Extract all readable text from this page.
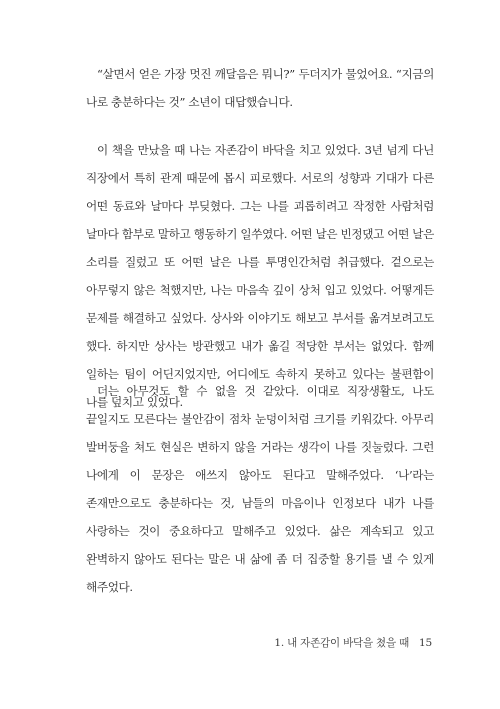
“살면서 얻은 가장 멋진 깨달음은 뭐니?” 두더지가 물었어요. “지금의 나로 충분하다는 것” 소년이 대답했습니다.

이 책을 만났을 때 나는 자존감이 바닥을 치고 있었다. 3년 넘게 다닌 직장에서 특히 관계 때문에 몹시 피로했다. 서로의 성향과 기대가 다른 어떤 동료와 날마다 부딪혔다. 그는 나를 괴롭히려고 작정한 사람처럼 날마다 함부로 말하고 행동하기 일쑤였다. 어떤 날은 빈정댔고 어떤 날은 소리를 질렀고 또 어떤 날은 나를 투명인간처럼 취급했다. 겉으로는 아무렇지 않은 척했지만, 나는 마음속 깊이 상처 입고 있었다. 어떻게든 문제를 해결하고 싶었다. 상사와 이야기도 해보고 부서를 옮겨보려고도 했다. 하지만 상사는 방관했고 내가 옮길 적당한 부서는 없었다. 함께 일하는 팀이 어딘지었지만, 어디에도 속하지 못하고 있다는 불편함이 나를 덮치고 있었다.

더는 아무것도 할 수 없을 것 같았다. 이대로 직장생활도, 나도 끝일지도 모른다는 불안감이 점차 눈덩이처럼 크기를 키워갔다. 아무리 발버둥을 쳐도 현실은 변하지 않을 거라는 생각이 나를 짓눌렀다. 그런 나에게 이 문장은 애쓰지 않아도 된다고 말해주었다. ‘나’라는 존재만으로도 충분하다는 것, 남들의 마음이나 인정보다 내가 나를 사랑하는 것이 중요하다고 말해주고 있었다. 삶은 계속되고 있고 완벽하지 않아도 된다는 말은 내 삶에 좀 더 집중할 용기를 낼 수 있게 해주었다.

1. 내 자존감이 바닥을 쳤을 때 15
